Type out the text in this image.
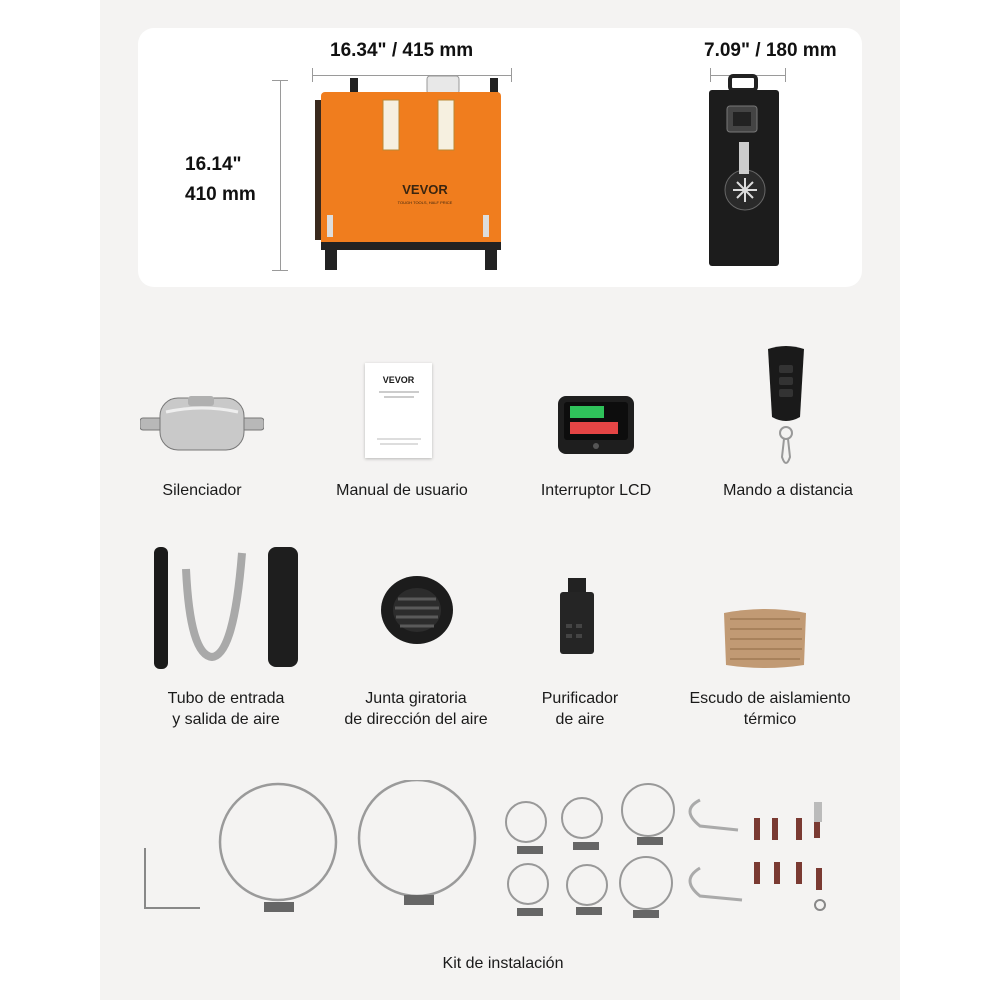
16.34" / 415 mm	7.09" / 180 mm
16.14"
410 mm	VEVOR
TOUGH TOOLS, HALF PRICE
Silenciador
VEVOR
Manual de usuario	Interruptor LCD	Mando a distancia
Tubo de entrada
y salida de aire
Junta giratoria
de dirección del aire
Purificador
de aire
Escudo de aislamiento
térmico
Kit de instalación
